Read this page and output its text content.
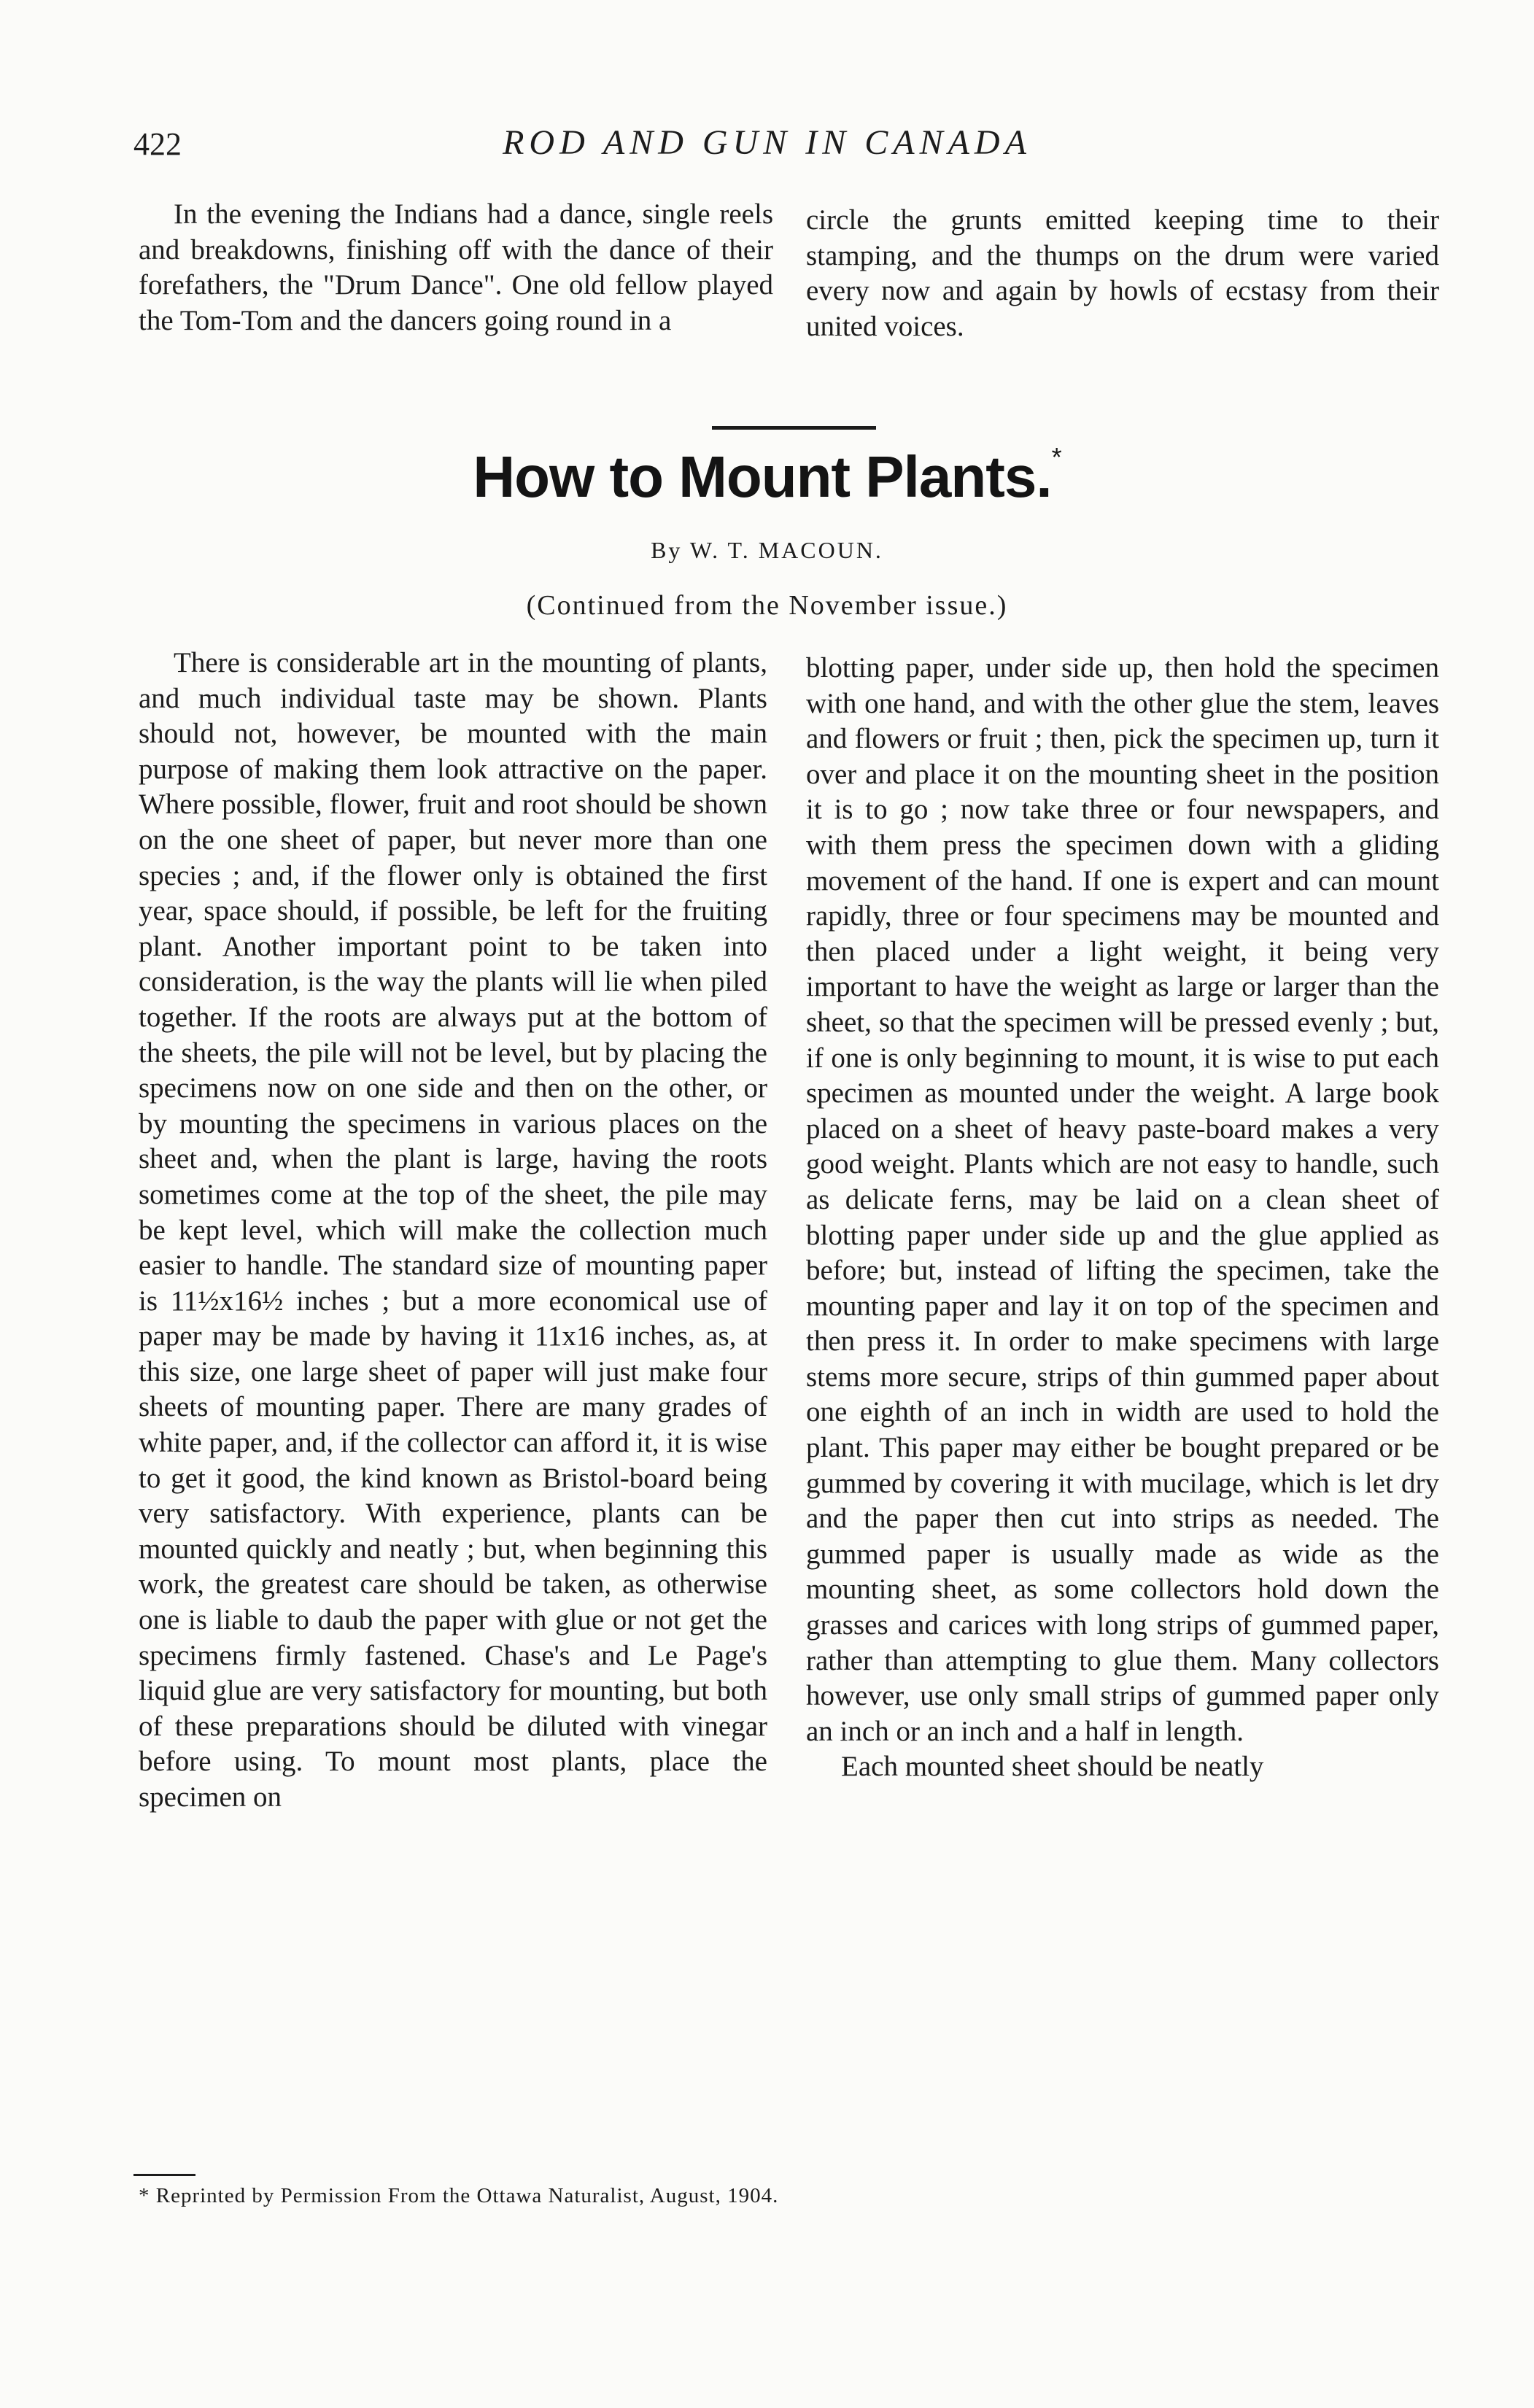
422	ROD AND GUN IN CANADA

In the evening the Indians had a dance, single reels and breakdowns, finishing off with the dance of their forefathers, the "Drum Dance". One old fellow played the Tom-Tom and the dancers going round in a

circle the grunts emitted keeping time to their stamping, and the thumps on the drum were varied every now and again by howls of ecstasy from their united voices.

How to Mount Plants.*
By W. T. MACOUN.
(Continued from the November issue.)

There is considerable art in the mounting of plants, and much individual taste may be shown. Plants should not, however, be mounted with the main purpose of making them look attractive on the paper. Where possible, flower, fruit and root should be shown on the one sheet of paper, but never more than one species ; and, if the flower only is obtained the first year, space should, if possible, be left for the fruiting plant. Another important point to be taken into consideration, is the way the plants will lie when piled together. If the roots are always put at the bottom of the sheets, the pile will not be level, but by placing the specimens now on one side and then on the other, or by mounting the specimens in various places on the sheet and, when the plant is large, having the roots sometimes come at the top of the sheet, the pile may be kept level, which will make the collection much easier to handle. The standard size of mounting paper is 11½x16½ inches ; but a more economical use of paper may be made by having it 11x16 inches, as, at this size, one large sheet of paper will just make four sheets of mounting paper. There are many grades of white paper, and, if the collector can afford it, it is wise to get it good, the kind known as Bristol-board being very satisfactory. With experience, plants can be mounted quickly and neatly ; but, when beginning this work, the greatest care should be taken, as otherwise one is liable to daub the paper with glue or not get the specimens firmly fastened. Chase's and Le Page's liquid glue are very satisfactory for mounting, but both of these preparations should be diluted with vinegar before using. To mount most plants, place the specimen on

blotting paper, under side up, then hold the specimen with one hand, and with the other glue the stem, leaves and flowers or fruit ; then, pick the specimen up, turn it over and place it on the mounting sheet in the position it is to go ; now take three or four newspapers, and with them press the specimen down with a gliding movement of the hand. If one is expert and can mount rapidly, three or four specimens may be mounted and then placed under a light weight, it being very important to have the weight as large or larger than the sheet, so that the specimen will be pressed evenly ; but, if one is only beginning to mount, it is wise to put each specimen as mounted under the weight. A large book placed on a sheet of heavy paste-board makes a very good weight. Plants which are not easy to handle, such as delicate ferns, may be laid on a clean sheet of blotting paper under side up and the glue applied as before; but, instead of lifting the specimen, take the mounting paper and lay it on top of the specimen and then press it. In order to make specimens with large stems more secure, strips of thin gummed paper about one eighth of an inch in width are used to hold the plant. This paper may either be bought prepared or be gummed by covering it with mucilage, which is let dry and the paper then cut into strips as needed. The gummed paper is usually made as wide as the mounting sheet, as some collectors hold down the grasses and carices with long strips of gummed paper, rather than attempting to glue them. Many collectors however, use only small strips of gummed paper only an inch or an inch and a half in length.

Each mounted sheet should be neatly

* Reprinted by Permission From the Ottawa Naturalist, August, 1904.
